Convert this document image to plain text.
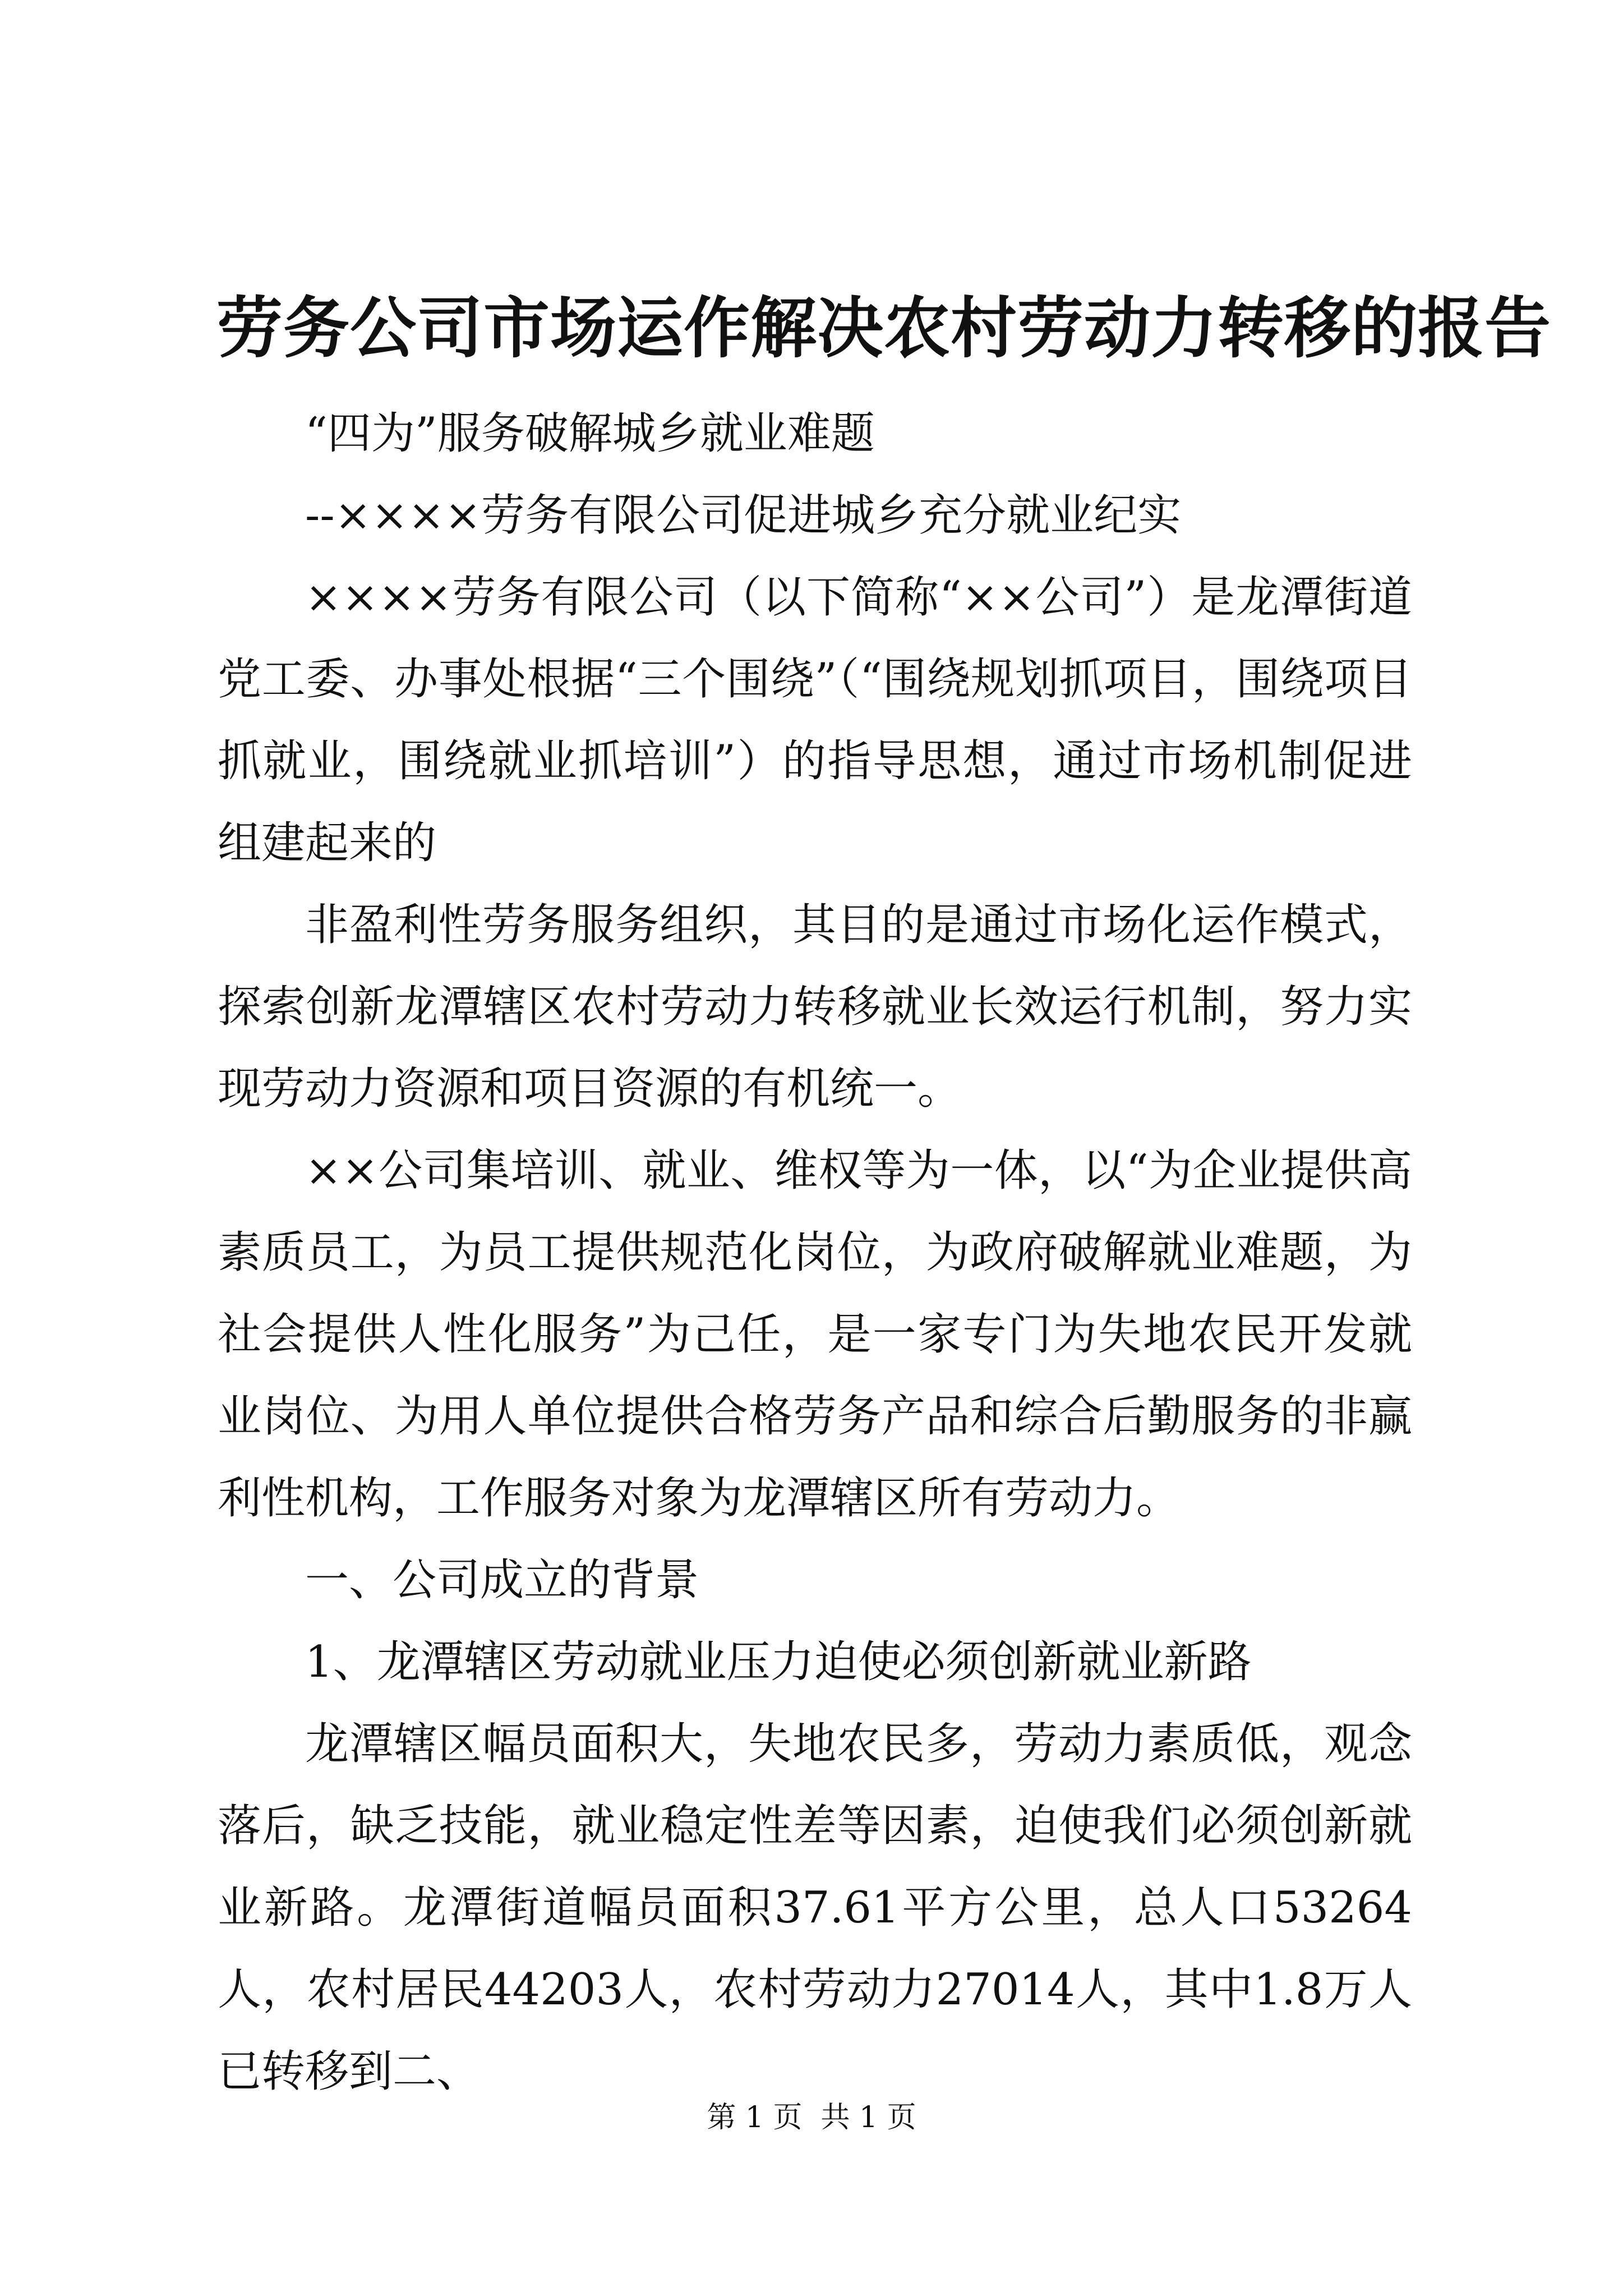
劳务公司市场运作解决农村劳动力转移的报告

“四为”服务破解城乡就业难题

--××××劳务有限公司促进城乡充分就业纪实

××××劳务有限公司（以下简称“××公司”）是龙潭街道党工委、办事处根据“三个围绕”（“围绕规划抓项目，围绕项目抓就业，围绕就业抓培训”）的指导思想，通过市场机制促进组建起来的

非盈利性劳务服务组织，其目的是通过市场化运作模式，探索创新龙潭辖区农村劳动力转移就业长效运行机制，努力实现劳动力资源和项目资源的有机统一。

××公司集培训、就业、维权等为一体，以“为企业提供高素质员工，为员工提供规范化岗位，为政府破解就业难题，为社会提供人性化服务”为己任，是一家专门为失地农民开发就业岗位、为用人单位提供合格劳务产品和综合后勤服务的非赢利性机构，工作服务对象为龙潭辖区所有劳动力。

一、公司成立的背景

1、龙潭辖区劳动就业压力迫使必须创新就业新路

龙潭辖区幅员面积大，失地农民多，劳动力素质低，观念落后，缺乏技能，就业稳定性差等因素，迫使我们必须创新就业新路。龙潭街道幅员面积37.61平方公里，总人口53264人，农村居民44203人，农村劳动力27014人，其中1.8万人已转移到二、

第 1 页  共 1 页
